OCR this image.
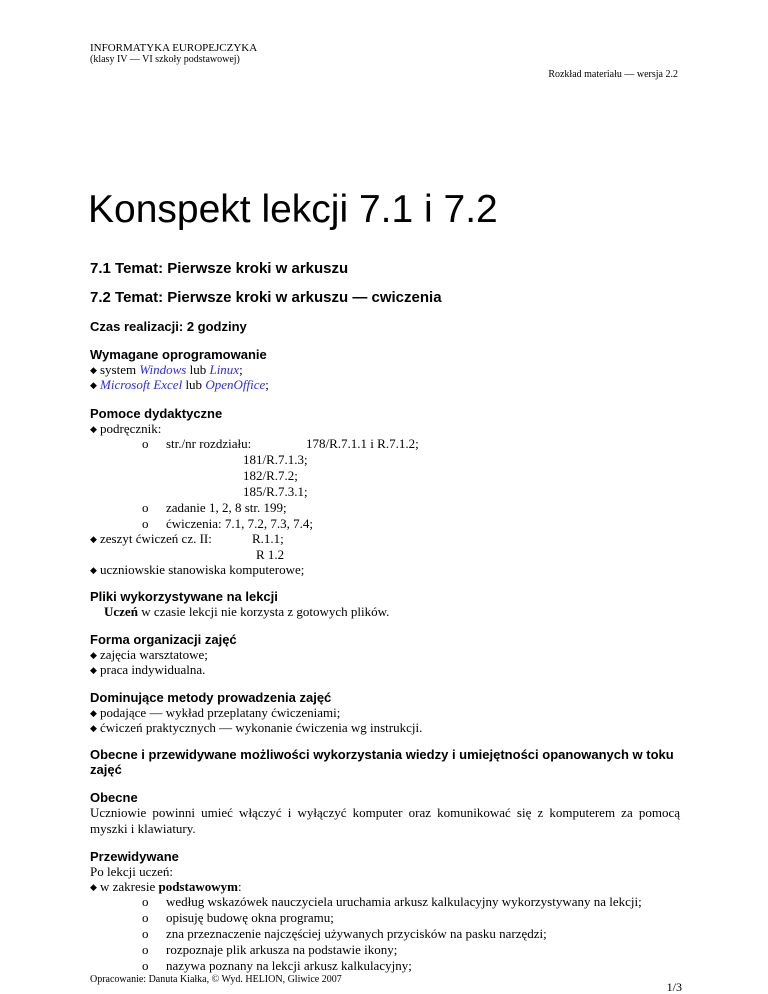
INFORMATYKA EUROPEJCZYKA
(klasy IV — VI szkoły podstawowej)
Rozkład materiału — wersja 2.2
Konspekt lekcji 7.1 i 7.2
7.1 Temat: Pierwsze kroki w arkuszu
7.2 Temat: Pierwsze kroki w arkuszu — cwiczenia
Czas realizacji: 2 godziny
Wymagane oprogramowanie
◆ system Windows lub Linux;
◆ Microsoft Excel lub OpenOffice;
Pomoce dydaktyczne
◆ podręcznik:
o str./nr rozdziału:	178/R.7.1.1 i R.7.1.2;
181/R.7.1.3;
182/R.7.2;
185/R.7.3.1;
o zadanie 1, 2, 8 str. 199;
o ćwiczenia: 7.1, 7.2, 7.3, 7.4;
◆ zeszyt ćwiczeń cz. II:	R.1.1;
R 1.2
◆ uczniowskie stanowiska komputerowe;
Pliki wykorzystywane na lekcji
Uczeń w czasie lekcji nie korzysta z gotowych plików.
Forma organizacji zajęć
◆ zajęcia warsztatowe;
◆ praca indywidualna.
Dominujące metody prowadzenia zajęć
◆ podające — wykład przeplatany ćwiczeniami;
◆ ćwiczeń praktycznych — wykonanie ćwiczenia wg instrukcji.
Obecne i przewidywane możliwości wykorzystania wiedzy i umiejętności opanowanych w toku
zajęć
Obecne
Uczniowie powinni umieć włączyć i wyłączyć komputer oraz komunikować się z komputerem za pomocą
myszki i klawiatury.
Przewidywane
Po lekcji uczeń:
◆ w zakresie podstawowym:
o według wskazówek nauczyciela uruchamia arkusz kalkulacyjny wykorzystywany na lekcji;
o opisuję budowę okna programu;
o zna przeznaczenie najczęściej używanych przycisków na pasku narzędzi;
o rozpoznaje plik arkusza na podstawie ikony;
o nazywa poznany na lekcji arkusz kalkulacyjny;
Opracowanie: Danuta Kiałka, © Wyd. HELION, Gliwice 2007
1/3
